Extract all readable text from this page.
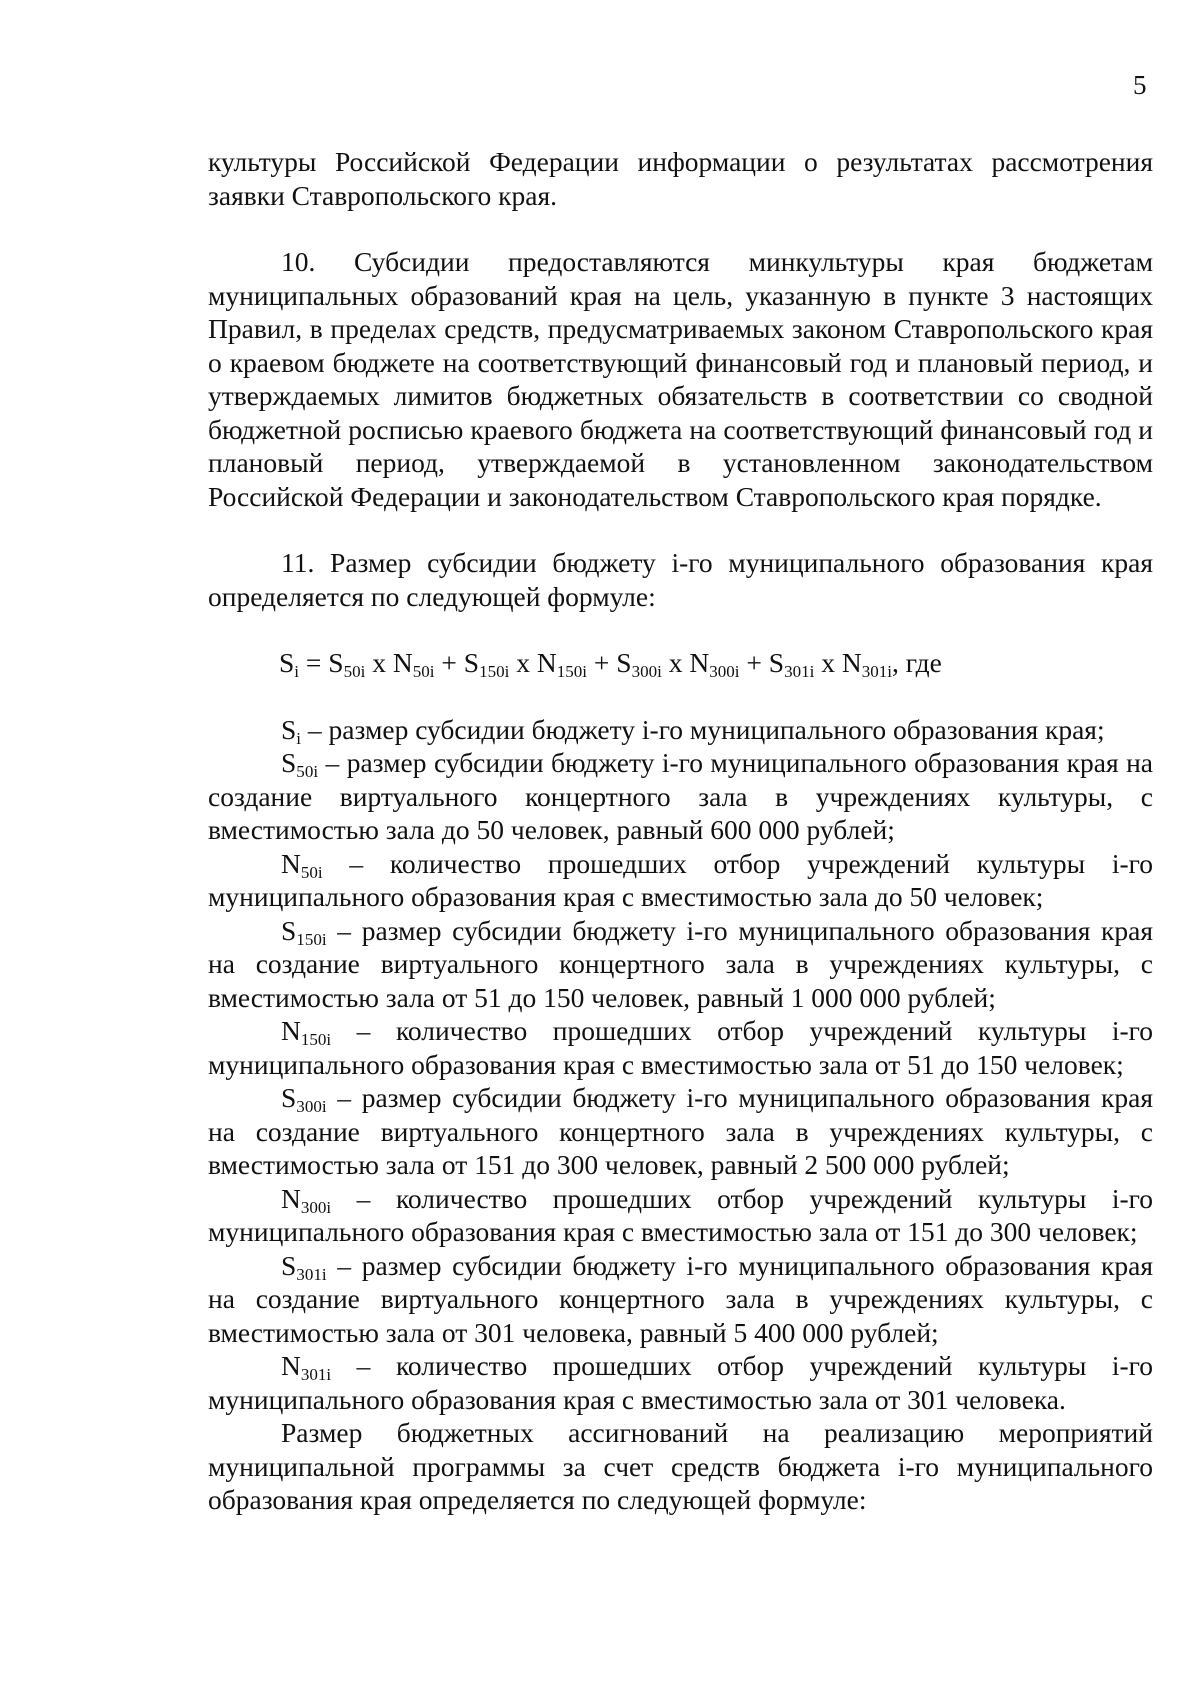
5

культуры Российской Федерации информации о результатах рассмотрения заявки Ставропольского края.

10. Субсидии предоставляются минкультуры края бюджетам муниципальных образований края на цель, указанную в пункте 3 настоящих Правил, в пределах средств, предусматриваемых законом Ставропольского края о краевом бюджете на соответствующий финансовый год и плановый период, и утверждаемых лимитов бюджетных обязательств в соответствии со сводной бюджетной росписью краевого бюджета на соответствующий финансовый год и плановый период, утверждаемой в установленном законодательством Российской Федерации и законодательством Ставропольского края порядке.

11. Размер субсидии бюджету i-го муниципального образования края определяется по следующей формуле:

$S_i = S_{50i}$ x $N_{50i} + S_{150i}$ x $N_{150i} + S_{300i}$ x $N_{300i} + S_{301i}$ x $N_{301i}$, где

$S_i$ – размер субсидии бюджету i-го муниципального образования края;

$S_{50i}$ – размер субсидии бюджету i-го муниципального образования края на создание виртуального концертного зала в учреждениях культуры, с вместимостью зала до 50 человек, равный 600 000 рублей;

$N_{50i}$ – количество прошедших отбор учреждений культуры i-го муниципального образования края с вместимостью зала до 50 человек;

$S_{150i}$ – размер субсидии бюджету i-го муниципального образования края на создание виртуального концертного зала в учреждениях культуры, с вместимостью зала от 51 до 150 человек, равный 1 000 000 рублей;

$N_{150i}$ – количество прошедших отбор учреждений культуры i-го муниципального образования края с вместимостью зала от 51 до 150 человек;

$S_{300i}$ – размер субсидии бюджету i-го муниципального образования края на создание виртуального концертного зала в учреждениях культуры, с вместимостью зала от 151 до 300 человек, равный 2 500 000 рублей;

$N_{300i}$ – количество прошедших отбор учреждений культуры i-го муниципального образования края с вместимостью зала от 151 до 300 человек;

$S_{301i}$ – размер субсидии бюджету i-го муниципального образования края на создание виртуального концертного зала в учреждениях культуры, с вместимостью зала от 301 человека, равный 5 400 000 рублей;

$N_{301i}$ – количество прошедших отбор учреждений культуры i-го муниципального образования края с вместимостью зала от 301 человека.

Размер бюджетных ассигнований на реализацию мероприятий муниципальной программы за счет средств бюджета i-го муниципального образования края определяется по следующей формуле:
